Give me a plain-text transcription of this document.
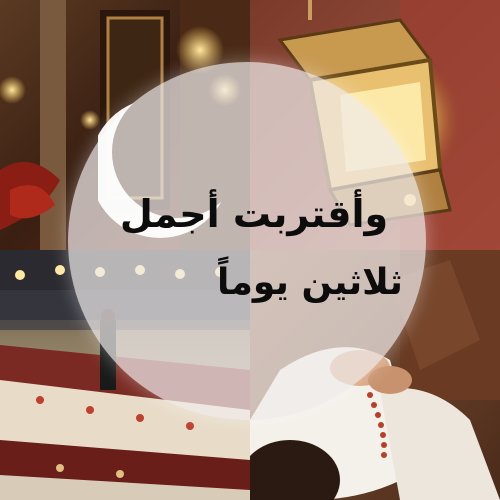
وأقتربت أجمل
ثلاثين يوماً
